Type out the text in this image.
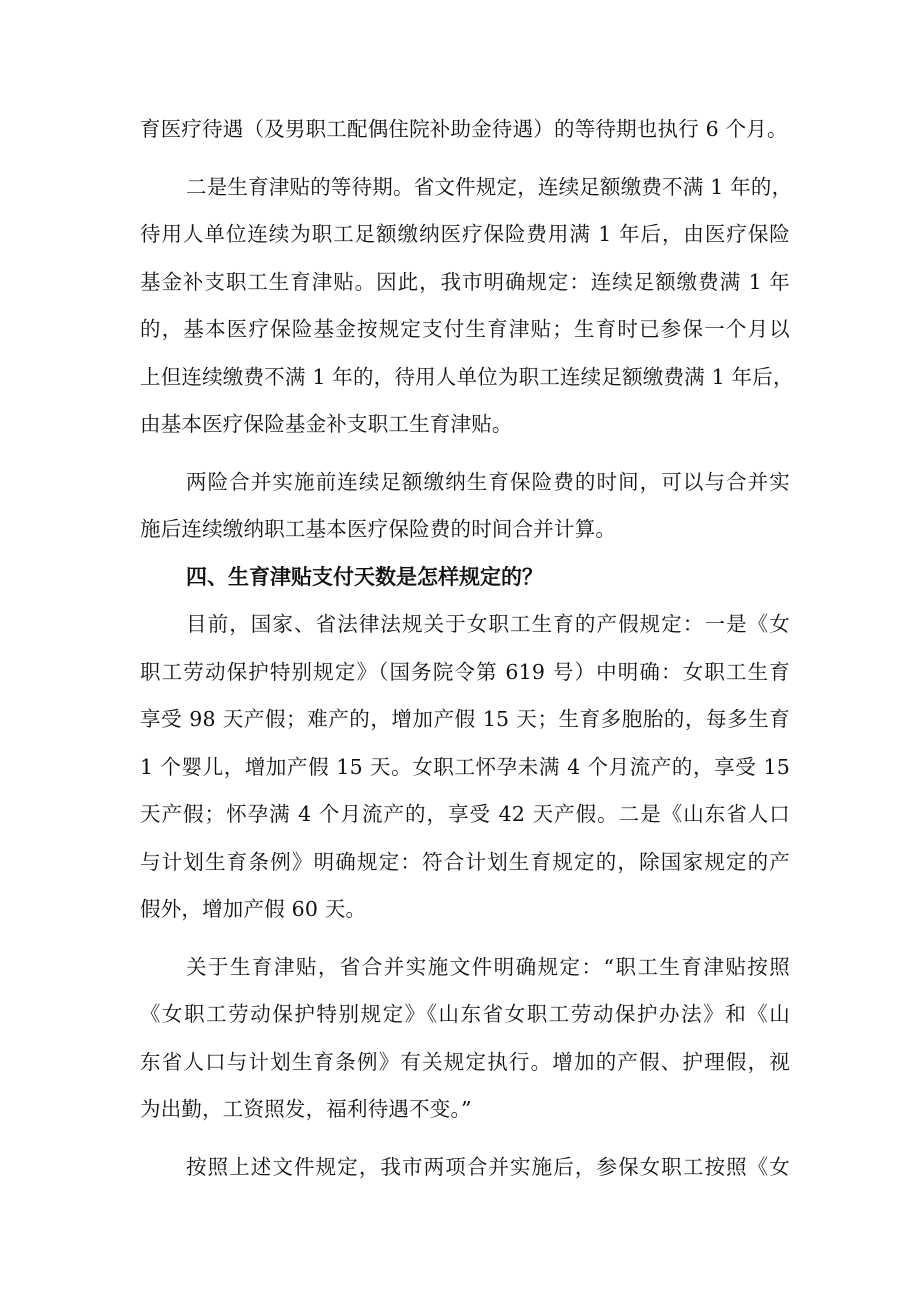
育医疗待遇（及男职工配偶住院补助金待遇）的等待期也执行 6 个月。
二是生育津贴的等待期。省文件规定，连续足额缴费不满 1 年的，
待用人单位连续为职工足额缴纳医疗保险费用满 1 年后，由医疗保险
基金补支职工生育津贴。因此，我市明确规定：连续足额缴费满 1 年
的，基本医疗保险基金按规定支付生育津贴；生育时已参保一个月以
上但连续缴费不满 1 年的，待用人单位为职工连续足额缴费满 1 年后，
由基本医疗保险基金补支职工生育津贴。
两险合并实施前连续足额缴纳生育保险费的时间，可以与合并实
施后连续缴纳职工基本医疗保险费的时间合并计算。
四、生育津贴支付天数是怎样规定的？
目前，国家、省法律法规关于女职工生育的产假规定：一是《女
职工劳动保护特别规定》（国务院令第 619 号）中明确：女职工生育
享受 98 天产假；难产的，增加产假 15 天；生育多胞胎的，每多生育
1 个婴儿，增加产假 15 天。女职工怀孕未满 4 个月流产的，享受 15
天产假；怀孕满 4 个月流产的，享受 42 天产假。二是《山东省人口
与计划生育条例》明确规定：符合计划生育规定的，除国家规定的产
假外，增加产假 60 天。
关于生育津贴，省合并实施文件明确规定：“职工生育津贴按照
《女职工劳动保护特别规定》《山东省女职工劳动保护办法》和《山
东省人口与计划生育条例》有关规定执行。增加的产假、护理假，视
为出勤，工资照发，福利待遇不变。”
按照上述文件规定，我市两项合并实施后，参保女职工按照《女
